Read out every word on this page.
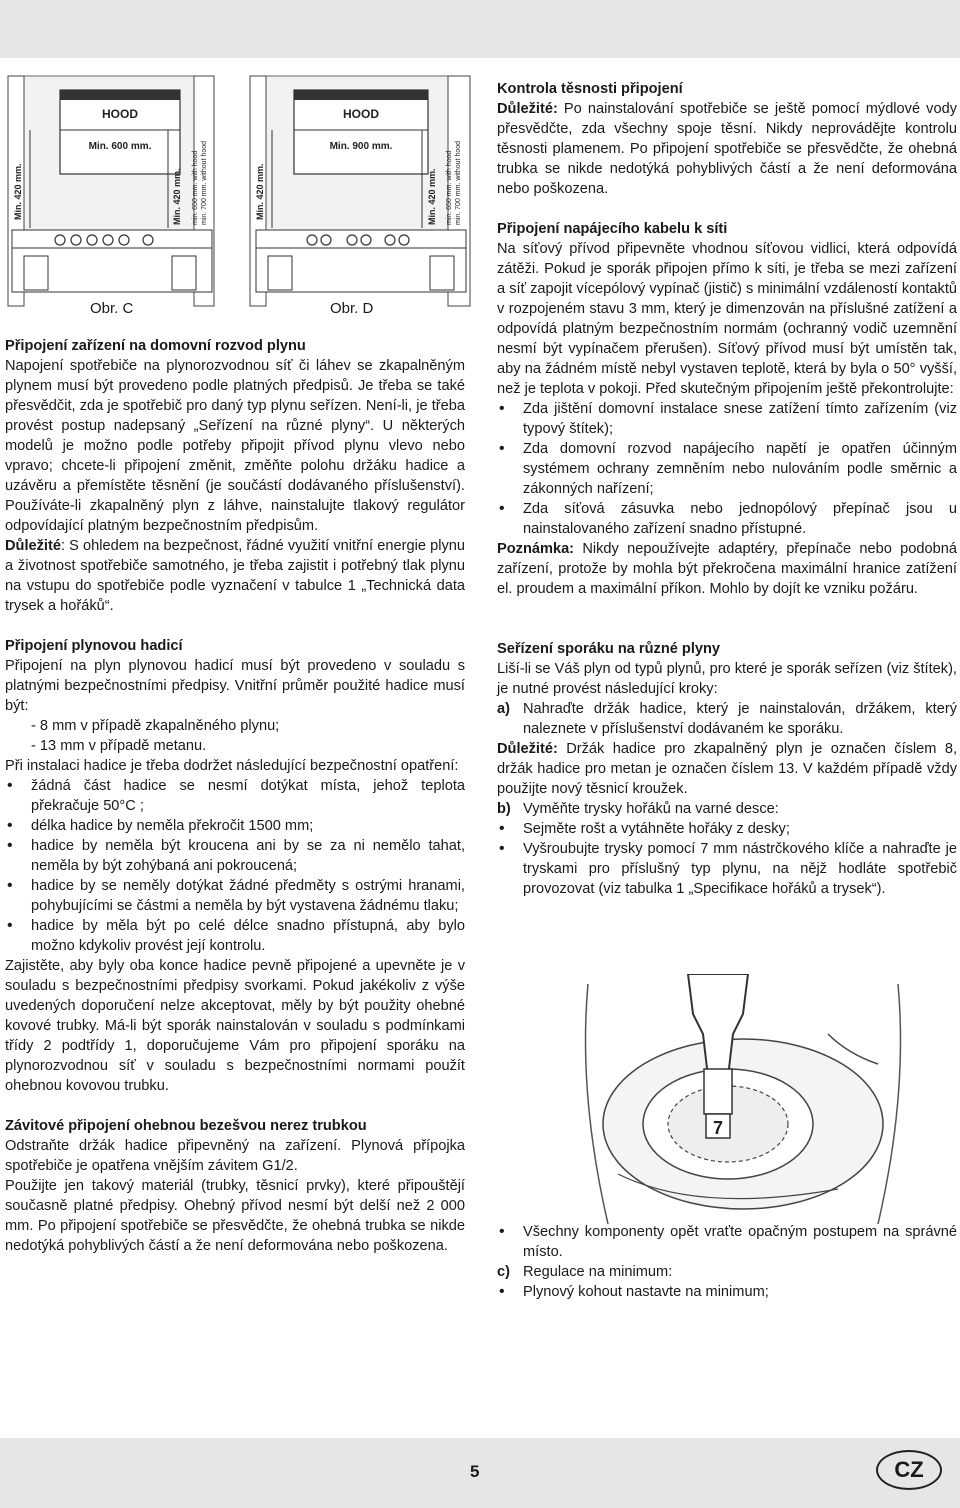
HOOD
Min. 600 mm.
Min. 420 mm.	Min. 420 mm. min. 650 mm. with hood min. 700 mm. without hood
HOOD
Min. 900 mm.
Min. 420 mm.	Min. 420 mm. min. 650 mm. with hood min. 700 mm. without hood
Obr. C	Obr. D
Připojení zařízení na domovní rozvod plynu

Napojení spotřebiče na plynorozvodnou síť či láhev se zkapalněným plynem musí být provedeno podle platných předpisů. Je třeba se také přesvědčit, zda je spotřebič pro daný typ plynu seřízen. Není-li, je třeba provést postup nadepsaný „Seřízení na různé plyny“. U některých modelů je možno podle potřeby připojit přívod plynu vlevo nebo vpravo; chcete-li připojení změnit, změňte polohu držáku hadice a uzávěru a přemístěte těsnění (je součástí dodávaného příslušenství). Používáte-li zkapalněný plyn z láhve, nainstalujte tlakový regulátor odpovídající platným bezpečnostním předpisům.

Důležité: S ohledem na bezpečnost, řádné využití vnitřní energie plynu a životnost spotřebiče samotného, je třeba zajistit i potřebný tlak plynu na vstupu do spotřebiče podle vyznačení v tabulce 1 „Technická data trysek a hořáků“.

Připojení plynovou hadicí

Připojení na plyn plynovou hadicí musí být provedeno v souladu s platnými bezpečnostními předpisy. Vnitřní průměr použité hadice musí být:

- 8 mm v případě zkapalněného plynu;
- 13 mm v případě metanu.

Při instalaci hadice je třeba dodržet následující bezpečnostní opatření:

• žádná část hadice se nesmí dotýkat místa, jehož teplota překračuje 50°C ;
• délka hadice by neměla překročit 1500 mm;
• hadice by neměla být kroucena ani by se za ni nemělo tahat, neměla by být zohýbaná ani pokroucená;
• hadice by se neměly dotýkat žádné předměty s ostrými hranami, pohybujícími se částmi a neměla by být vystavena žádnému tlaku;
• hadice by měla být po celé délce snadno přístupná, aby bylo možno kdykoliv provést její kontrolu.

Zajistěte, aby byly oba konce hadice pevně připojené a upevněte je v souladu s bezpečnostními předpisy svorkami. Pokud jakékoliv z výše uvedených doporučení nelze akceptovat, měly by být použity ohebné kovové trubky. Má-li být sporák nainstalován v souladu s podmínkami třídy 2 podtřídy 1, doporučujeme Vám pro připojení sporáku na plynorozvodnou síť v souladu s bezpečnostními normami použít ohebnou kovovou trubku.

Závitové připojení ohebnou bezešvou nerez trubkou

Odstraňte držák hadice připevněný na zařízení. Plynová přípojka spotřebiče je opatřena vnějším závitem G1/2.

Použijte jen takový materiál (trubky, těsnicí prvky), které připouštějí současně platné předpisy. Ohebný přívod nesmí být delší než 2 000 mm. Po připojení spotřebiče se přesvědčte, že ohebná trubka se nikde nedotýká pohyblivých částí a že není deformována nebo poškozena.

Kontrola těsnosti připojení

Důležité: Po nainstalování spotřebiče se ještě pomocí mýdlové vody přesvědčte, zda všechny spoje těsní. Nikdy neprovádějte kontrolu těsnosti plamenem. Po připojení spotřebiče se přesvědčte, že ohebná trubka se nikde nedotýká pohyblivých částí a že není deformována nebo poškozena.

Připojení napájecího kabelu k síti

Na síťový přívod připevněte vhodnou síťovou vidlici, která odpovídá zátěži. Pokud je sporák připojen přímo k síti, je třeba se mezi zařízení a síť zapojit vícepólový vypínač (jistič) s minimální vzdáleností kontaktů v rozpojeném stavu 3 mm, který je dimenzován na příslušné zatížení a odpovídá platným bezpečnostním normám (ochranný vodič uzemnění nesmí být vypínačem přerušen). Síťový přívod musí být umístěn tak, aby na žádném místě nebyl vystaven teplotě, která by byla o 50° vyšší, než je teplota v pokoji. Před skutečným připojením ještě překontrolujte:

• Zda jištění domovní instalace snese zatížení tímto zařízením (viz typový štítek);
• Zda domovní rozvod napájecího napětí je opatřen účinným systémem ochrany zemněním nebo nulováním podle směrnic a zákonných nařízení;
• Zda síťová zásuvka nebo jednopólový přepínač jsou u nainstalovaného zařízení snadno přístupné.

Poznámka: Nikdy nepoužívejte adaptéry, přepínače nebo podobná zařízení, protože by mohla být překročena maximální hranice zatížení el. proudem a maximální příkon. Mohlo by dojít ke vzniku požáru.

Seřízení sporáku na různé plyny

Liší-li se Váš plyn od typů plynů, pro které je sporák seřízen (viz štítek), je nutné provést následující kroky:

a) Nahraďte držák hadice, který je nainstalován, držákem, který naleznete v příslušenství dodávaném ke sporáku.

Důležité: Držák hadice pro zkapalněný plyn je označen číslem 8, držák hadice pro metan je označen číslem 13. V každém případě vždy použijte nový těsnicí kroužek.

b) Vyměňte trysky hořáků na varné desce:
• Sejměte rošt a vytáhněte hořáky z desky;
• Vyšroubujte trysky pomocí 7 mm nástrčkového klíče a nahraďte je tryskami pro příslušný typ plynu, na nějž hodláte spotřebič provozovat (viz tabulka 1 „Specifikace hořáků a trysek“).
7
• Všechny komponenty opět vraťte opačným postupem na správné místo.
c) Regulace na minimum:
• Plynový kohout nastavte na minimum;
5	CZ
